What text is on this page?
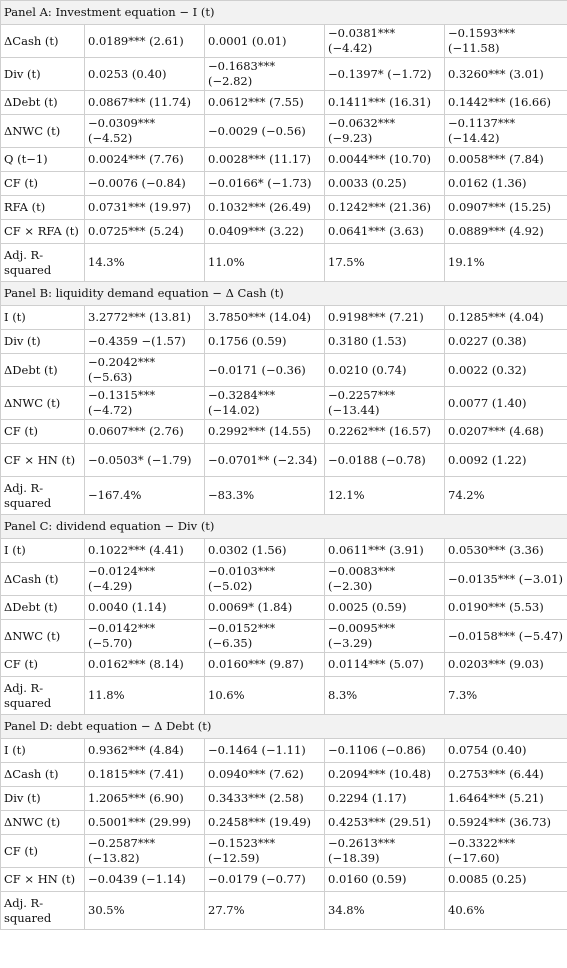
Panel A: Investment equation − I (t)				
ΔCash (t)	0.0189*** (2.61)	0.0001 (0.01)	−0.0381*** (−4.42)	−0.1593*** (−11.58)
Div (t)	0.0253 (0.40)	−0.1683*** (−2.82)	−0.1397* (−1.72)	0.3260*** (3.01)
ΔDebt (t)	0.0867*** (11.74)	0.0612*** (7.55)	0.1411*** (16.31)	0.1442*** (16.66)
ΔNWC (t)	−0.0309*** (−4.52)	−0.0029 (−0.56)	−0.0632*** (−9.23)	−0.1137*** (−14.42)
Q (t−1)	0.0024*** (7.76)	0.0028*** (11.17)	0.0044*** (10.70)	0.0058*** (7.84)
CF (t)	−0.0076 (−0.84)	−0.0166* (−1.73)	0.0033 (0.25)	0.0162 (1.36)
RFA (t)	0.0731*** (19.97)	0.1032*** (26.49)	0.1242*** (21.36)	0.0907*** (15.25)
CF × RFA (t)	0.0725*** (5.24)	0.0409*** (3.22)	0.0641*** (3.63)	0.0889*** (4.92)
Adj. R-squared	14.3%	11.0%	17.5%	19.1%
Panel B: liquidity demand equation − Δ Cash (t)				
I (t)	3.2772*** (13.81)	3.7850*** (14.04)	0.9198*** (7.21)	0.1285*** (4.04)
Div (t)	−0.4359 −(1.57)	0.1756 (0.59)	0.3180 (1.53)	0.0227 (0.38)
ΔDebt (t)	−0.2042*** (−5.63)	−0.0171 (−0.36)	0.0210 (0.74)	0.0022 (0.32)
ΔNWC (t)	−0.1315*** (−4.72)	−0.3284*** (−14.02)	−0.2257*** (−13.44)	0.0077 (1.40)
CF (t)	0.0607*** (2.76)	0.2992*** (14.55)	0.2262*** (16.57)	0.0207*** (4.68)
CF × HN (t)	−0.0503* (−1.79)	−0.0701** (−2.34)	−0.0188 (−0.78)	0.0092 (1.22)
Adj. R-squared	−167.4%	−83.3%	12.1%	74.2%
Panel C: dividend equation − Div (t)				
I (t)	0.1022*** (4.41)	0.0302 (1.56)	0.0611*** (3.91)	0.0530*** (3.36)
ΔCash (t)	−0.0124*** (−4.29)	−0.0103*** (−5.02)	−0.0083*** (−2.30)	−0.0135*** (−3.01)
ΔDebt (t)	0.0040 (1.14)	0.0069* (1.84)	0.0025 (0.59)	0.0190*** (5.53)
ΔNWC (t)	−0.0142*** (−5.70)	−0.0152*** (−6.35)	−0.0095*** (−3.29)	−0.0158*** (−5.47)
CF (t)	0.0162*** (8.14)	0.0160*** (9.87)	0.0114*** (5.07)	0.0203*** (9.03)
Adj. R-squared	11.8%	10.6%	8.3%	7.3%
Panel D: debt equation − Δ Debt (t)				
I (t)	0.9362*** (4.84)	−0.1464 (−1.11)	−0.1106 (−0.86)	0.0754 (0.40)
ΔCash (t)	0.1815*** (7.41)	0.0940*** (7.62)	0.2094*** (10.48)	0.2753*** (6.44)
Div (t)	1.2065*** (6.90)	0.3433*** (2.58)	0.2294 (1.17)	1.6464*** (5.21)
ΔNWC (t)	0.5001*** (29.99)	0.2458*** (19.49)	0.4253*** (29.51)	0.5924*** (36.73)
CF (t)	−0.2587*** (−13.82)	−0.1523*** (−12.59)	−0.2613*** (−18.39)	−0.3322*** (−17.60)
CF × HN (t)	−0.0439 (−1.14)	−0.0179 (−0.77)	0.0160 (0.59)	0.0085 (0.25)
Adj. R-squared	30.5%	27.7%	34.8%	40.6%
